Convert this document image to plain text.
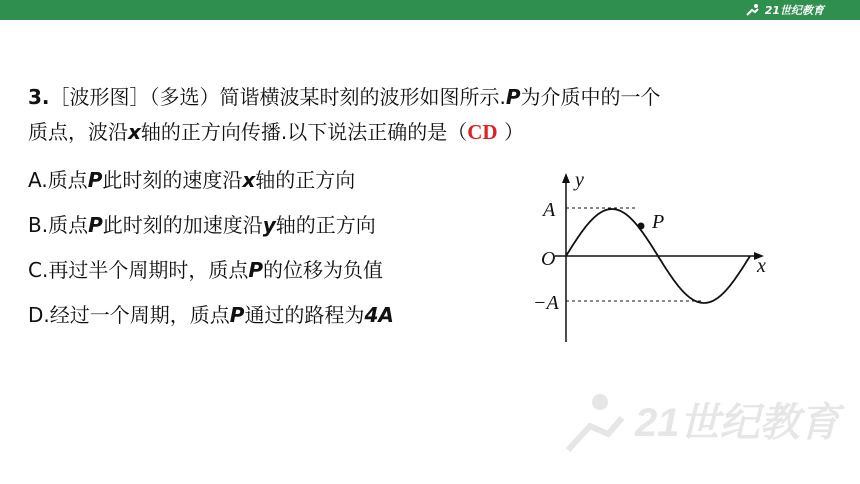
21世纪教育
3.［波形图］（多选）简谐横波某时刻的波形如图所示.P为介质中的一个
质点，波沿x轴的正方向传播.以下说法正确的是（CD ）
A.质点P此时刻的速度沿x轴的正方向
B.质点P此时刻的加速度沿y轴的正方向
C.再过半个周期时，质点P的位移为负值
D.经过一个周期，质点P通过的路程为4A
y
x
A
−A
O
P
21世纪教育
